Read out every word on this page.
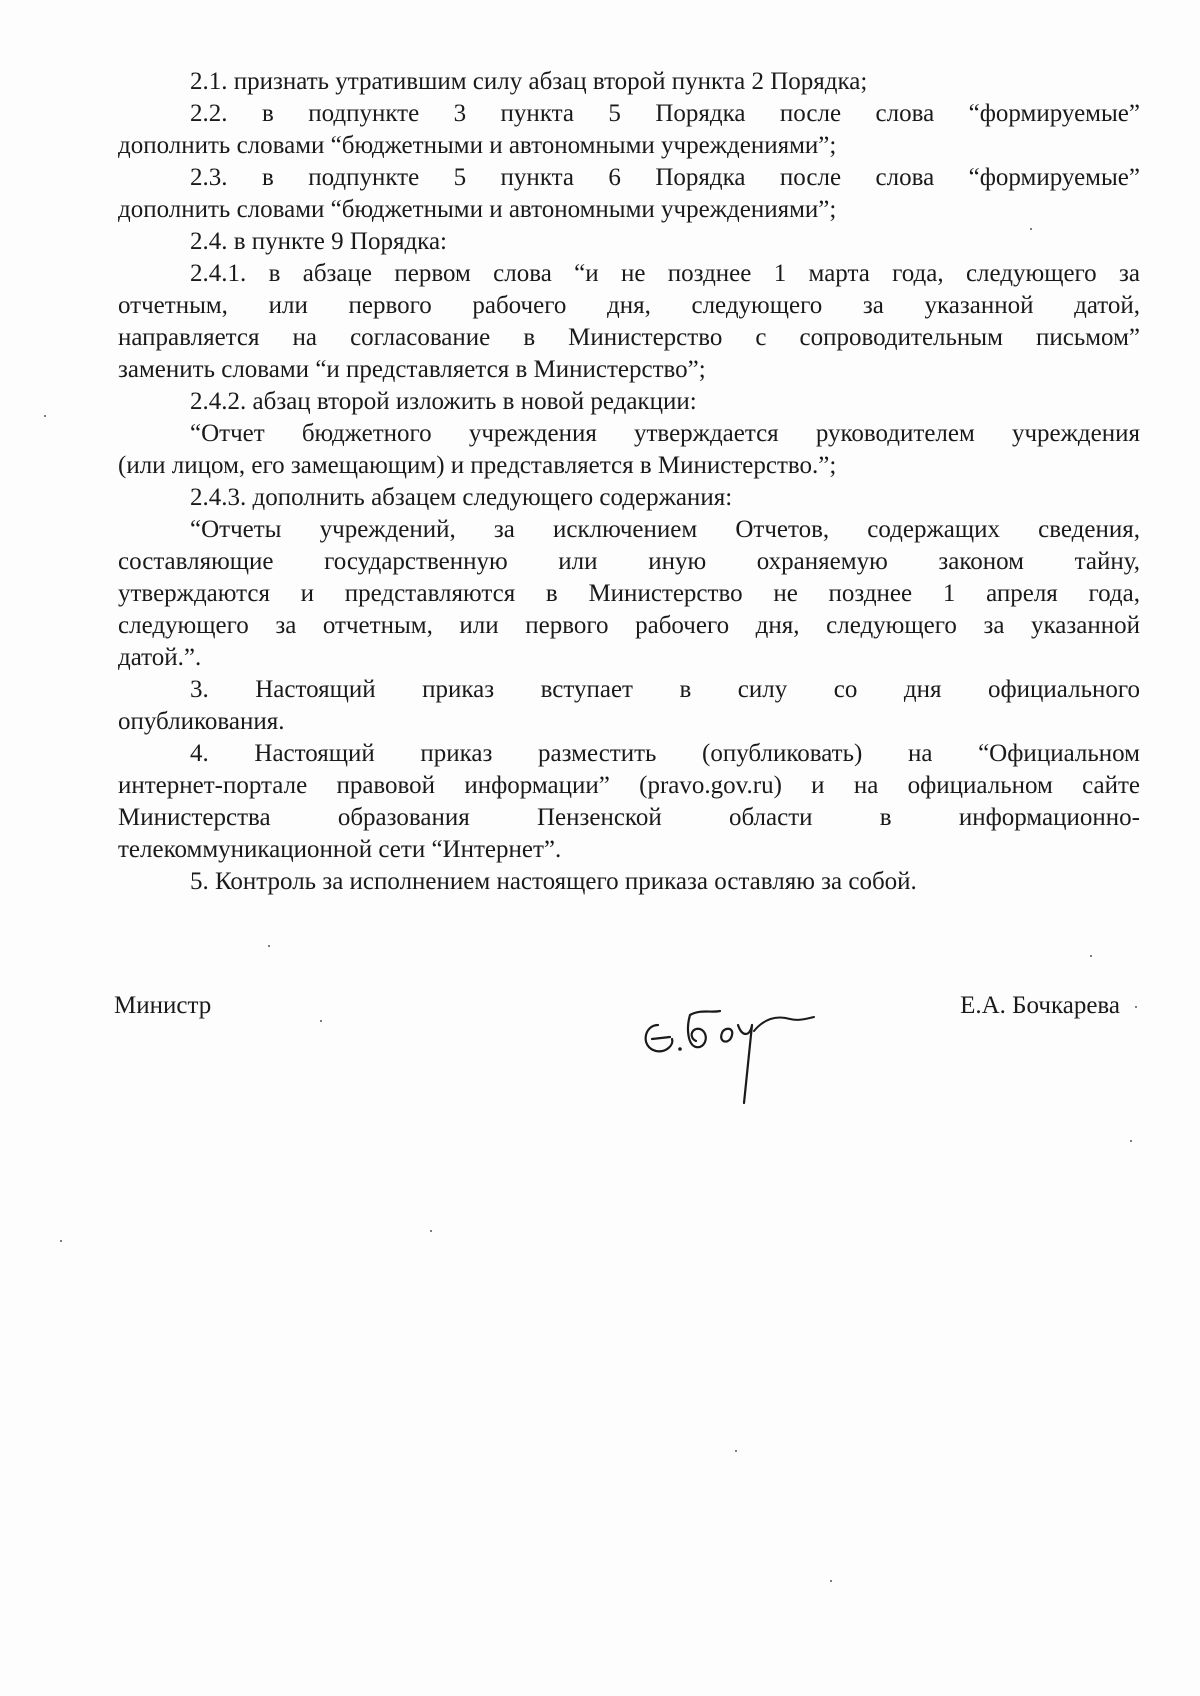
2.1. признать утратившим силу абзац второй пункта 2 Порядка;
2.2. в подпункте 3 пункта 5 Порядка после слова “формируемые”
дополнить словами “бюджетными и автономными учреждениями”;
2.3. в подпункте 5 пункта 6 Порядка после слова “формируемые”
дополнить словами “бюджетными и автономными учреждениями”;
2.4. в пункте 9 Порядка:
2.4.1. в абзаце первом слова “и не позднее 1 марта года, следующего за
отчетным, или первого рабочего дня, следующего за указанной датой,
направляется на согласование в Министерство с сопроводительным письмом”
заменить словами “и представляется в Министерство”;
2.4.2. абзац второй изложить в новой редакции:
“Отчет бюджетного учреждения утверждается руководителем учреждения
(или лицом, его замещающим) и представляется в Министерство.”;
2.4.3. дополнить абзацем следующего содержания:
“Отчеты учреждений, за исключением Отчетов, содержащих сведения,
составляющие государственную или иную охраняемую законом тайну,
утверждаются и представляются в Министерство не позднее 1 апреля года,
следующего за отчетным, или первого рабочего дня, следующего за указанной
датой.”.
3. Настоящий приказ вступает в силу со дня официального
опубликования.
4. Настоящий приказ разместить (опубликовать) на “Официальном
интернет-портале правовой информации” (pravo.gov.ru) и на официальном сайте
Министерства образования Пензенской области в информационно-
телекоммуникационной сети “Интернет”.
5. Контроль за исполнением настоящего приказа оставляю за собой.
Министр	Е.А. Бочкарева
